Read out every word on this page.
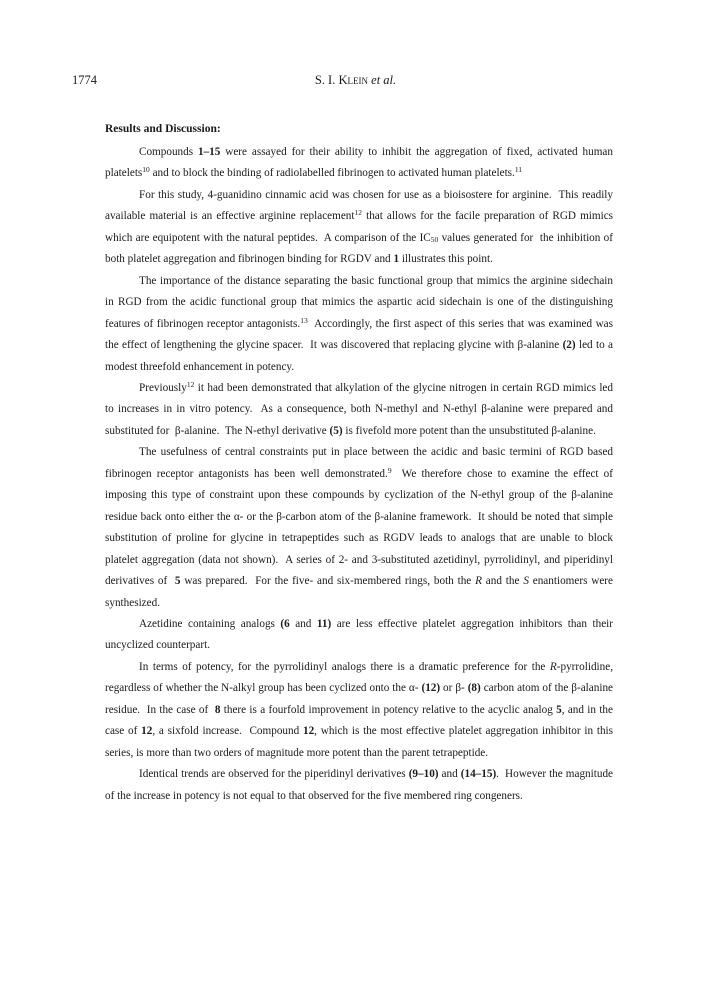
1774	S. I. Klein et al.
Results and Discussion:

Compounds 1–15 were assayed for their ability to inhibit the aggregation of fixed, activated human platelets$^{10}$ and to block the binding of radiolabelled fibrinogen to activated human platelets.$^{11}$

For this study, 4-guanidino cinnamic acid was chosen for use as a bioisostere for arginine.  This readily available material is an effective arginine replacement$^{12}$ that allows for the facile preparation of RGD mimics which are equipotent with the natural peptides.  A comparison of the $IC_{50}$ values generated for  the inhibition of both platelet aggregation and fibrinogen binding for RGDV and 1 illustrates this point.

The importance of the distance separating the basic functional group that mimics the arginine sidechain in RGD from the acidic functional group that mimics the aspartic acid sidechain is one of the distinguishing features of fibrinogen receptor antagonists.$^{13}$  Accordingly, the first aspect of this series that was examined was the effect of lengthening the glycine spacer.  It was discovered that replacing glycine with β-alanine (2) led to a modest threefold enhancement in potency.

Previously$^{12}$ it had been demonstrated that alkylation of the glycine nitrogen in certain RGD mimics led to increases in in vitro potency.  As a consequence, both N-methyl and N-ethyl β-alanine were prepared and substituted for  β-alanine.  The N-ethyl derivative (5) is fivefold more potent than the unsubstituted β-alanine.

The usefulness of central constraints put in place between the acidic and basic termini of RGD based fibrinogen receptor antagonists has been well demonstrated.$^9$  We therefore chose to examine the effect of imposing this type of constraint upon these compounds by cyclization of the N-ethyl group of the β-alanine residue back onto either the α- or the β-carbon atom of the β-alanine framework.  It should be noted that simple substitution of proline for glycine in tetrapeptides such as RGDV leads to analogs that are unable to block platelet aggregation (data not shown).  A series of 2- and 3-substituted azetidinyl, pyrrolidinyl, and piperidinyl derivatives of  5 was prepared.  For the five- and six-membered rings, both the R and the S enantiomers were synthesized.

Azetidine containing analogs (6 and 11) are less effective platelet aggregation inhibitors than their uncyclized counterpart.

In terms of potency, for the pyrrolidinyl analogs there is a dramatic preference for the R-pyrrolidine, regardless of whether the N-alkyl group has been cyclized onto the α- (12) or β- (8) carbon atom of the β-alanine residue.  In the case of  8 there is a fourfold improvement in potency relative to the acyclic analog 5, and in the case of 12, a sixfold increase.  Compound 12, which is the most effective platelet aggregation inhibitor in this series, is more than two orders of magnitude more potent than the parent tetrapeptide.

Identical trends are observed for the piperidinyl derivatives (9–10) and (14–15).  However the magnitude of the increase in potency is not equal to that observed for the five membered ring congeners.
